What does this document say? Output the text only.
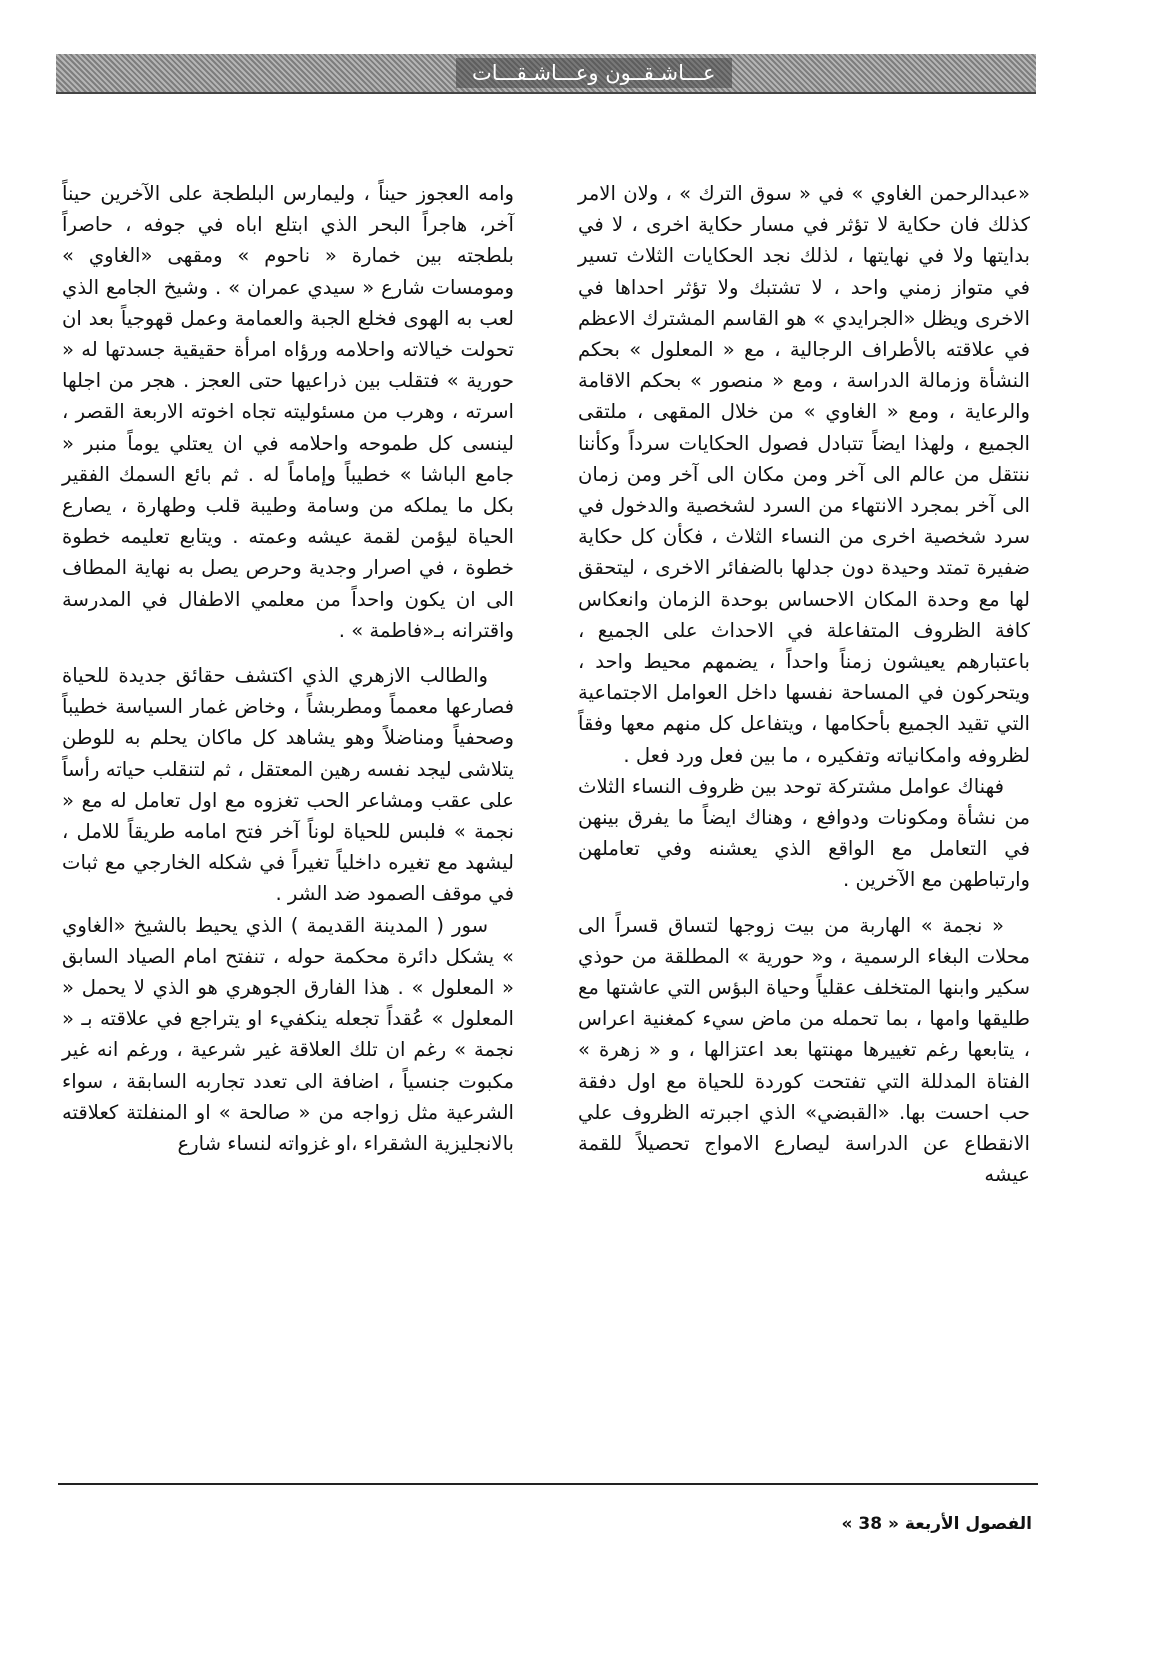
عـــاشـقــون وعـــاشـقـــات

«عبدالرحمن الغاوي » في « سوق الترك » ، ولان الامر كذلك فان حكاية لا تؤثر في مسار حكاية اخرى ، لا في بدايتها ولا في نهايتها ، لذلك نجد الحكايات الثلاث تسير في متواز زمني واحد ، لا تشتبك ولا تؤثر احداها في الاخرى ويظل «الجرايدي » هو القاسم المشترك الاعظم في علاقته بالأطراف الرجالية ، مع « المعلول » بحكم النشأة وزمالة الدراسة ، ومع « منصور » بحكم الاقامة والرعاية ، ومع « الغاوي » من خلال المقهى ، ملتقى الجميع ، ولهذا ايضاً تتبادل فصول الحكايات سرداً وكأننا ننتقل من عالم الى آخر ومن مكان الى آخر ومن زمان الى آخر بمجرد الانتهاء من السرد لشخصية والدخول في سرد شخصية اخرى من النساء الثلاث ، فكأن كل حكاية ضفيرة تمتد وحيدة دون جدلها بالضفائر الاخرى ، ليتحقق لها مع وحدة المكان الاحساس بوحدة الزمان وانعكاس كافة الظروف المتفاعلة في الاحداث على الجميع ، باعتبارهم يعيشون زمناً واحداً ، يضمهم محيط واحد ، ويتحركون في المساحة نفسها داخل العوامل الاجتماعية التي تقيد الجميع بأحكامها ، ويتفاعل كل منهم معها وفقاً لظروفه وامكانياته وتفكيره ، ما بين فعل ورد فعل .

فهناك عوامل مشتركة توحد بين ظروف النساء الثلاث من نشأة ومكونات ودوافع ، وهناك ايضاً ما يفرق بينهن في التعامل مع الواقع الذي يعشنه وفي تعاملهن وارتباطهن مع الآخرين .

« نجمة » الهاربة من بيت زوجها لتساق قسراً الى محلات البغاء الرسمية ، و« حورية » المطلقة من حوذي سكير وابنها المتخلف عقلياً وحياة البؤس التي عاشتها مع طليقها وامها ، بما تحمله من ماض سيء كمغنية اعراس ، يتابعها رغم تغييرها مهنتها بعد اعتزالها ، و « زهرة » الفتاة المدللة التي تفتحت كوردة للحياة مع اول دفقة حب احست بها. «القبضي» الذي اجبرته الظروف علي الانقطاع عن الدراسة ليصارع الامواج تحصيلاً للقمة عيشه

وامه العجوز حيناً ، وليمارس البلطجة على الآخرين حيناً آخر، هاجراً البحر الذي ابتلع اباه في جوفه ، حاصراً بلطجته بين خمارة « ناحوم » ومقهى «الغاوي » ومومسات شارع « سيدي عمران » . وشيخ الجامع الذي لعب به الهوى فخلع الجبة والعمامة وعمل قهوجياً بعد ان تحولت خيالاته واحلامه ورؤاه امرأة حقيقية جسدتها له « حورية » فتقلب بين ذراعيها حتى العجز . هجر من اجلها اسرته ، وهرب من مسئوليته تجاه اخوته الاربعة القصر ، لينسى كل طموحه واحلامه في ان يعتلي يوماً منبر « جامع الباشا » خطيباً وإماماً له . ثم بائع السمك الفقير بكل ما يملكه من وسامة وطيبة قلب وطهارة ، يصارع الحياة ليؤمن لقمة عيشه وعمته . ويتابع تعليمه خطوة خطوة ، في اصرار وجدية وحرص يصل به نهاية المطاف الى ان يكون واحداً من معلمي الاطفال في المدرسة واقترانه بـ«فاطمة » .

والطالب الازهري الذي اكتشف حقائق جديدة للحياة فصارعها معمماً ومطربشاً ، وخاض غمار السياسة خطيباً وصحفياً ومناضلاً وهو يشاهد كل ماكان يحلم به للوطن يتلاشى ليجد نفسه رهين المعتقل ، ثم لتنقلب حياته رأساً على عقب ومشاعر الحب تغزوه مع اول تعامل له مع « نجمة » فلبس للحياة لوناً آخر فتح امامه طريقاً للامل ، ليشهد مع تغيره داخلياً تغيراً في شكله الخارجي مع ثبات في موقف الصمود ضد الشر .

سور ( المدينة القديمة ) الذي يحيط بالشيخ «الغاوي » يشكل دائرة محكمة حوله ، تنفتح امام الصياد السابق « المعلول » . هذا الفارق الجوهري هو الذي لا يحمل « المعلول » عُقداً تجعله ينكفيء او يتراجع في علاقته بـ « نجمة » رغم ان تلك العلاقة غير شرعية ، ورغم انه غير مكبوت جنسياً ، اضافة الى تعدد تجاربه السابقة ، سواء الشرعية مثل زواجه من « صالحة » او المنفلتة كعلاقته بالانجليزية الشقراء ،او غزواته لنساء شارع

الفصول الأربعة « 38 »
